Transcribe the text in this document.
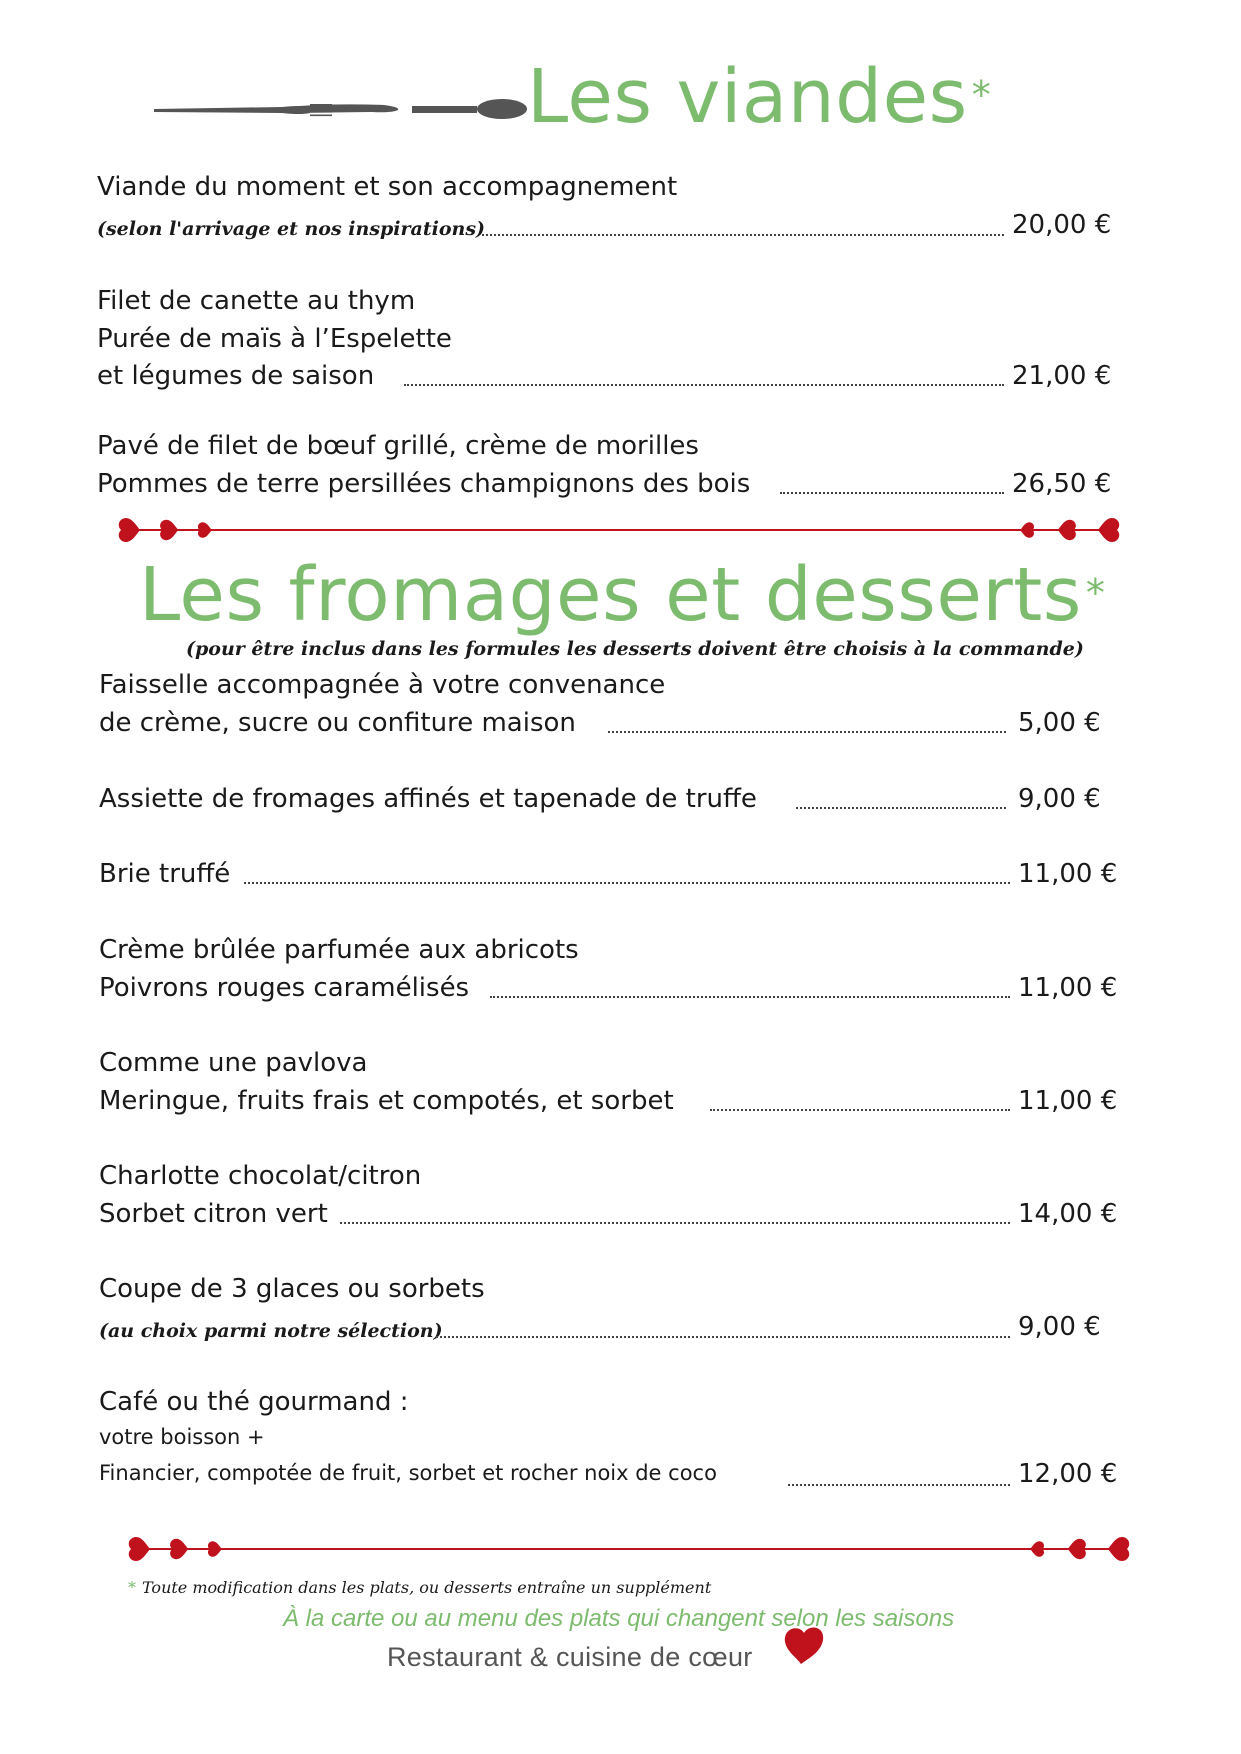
Les viandes *
Viande du moment et son accompagnement
(selon l'arrivage et nos inspirations)	20,00 €
Filet de canette au thym
Purée de maïs à l’Espelette
et légumes de saison	21,00 €
Pavé de filet de bœuf grillé, crème de morilles
Pommes de terre persillées champignons des bois	26,50 €
Les fromages et desserts *
(pour être inclus dans les formules les desserts doivent être choisis à la commande)
Faisselle accompagnée à votre convenance
de crème, sucre ou confiture maison	5,00 €
Assiette de fromages affinés et tapenade de truffe	9,00 €
Brie truffé	11,00 €
Crème brûlée parfumée aux abricots
Poivrons rouges caramélisés	11,00 €
Comme une pavlova
Meringue, fruits frais et compotés, et sorbet	11,00 €
Charlotte chocolat/citron
Sorbet citron vert	14,00 €
Coupe de 3 glaces ou sorbets
(au choix parmi notre sélection)	9,00 €
Café ou thé gourmand :
votre boisson +
Financier, compotée de fruit, sorbet et rocher noix de coco	12,00 €
* Toute modification dans les plats, ou desserts entraîne un supplément
À la carte ou au menu des plats qui changent selon les saisons
Restaurant & cuisine de cœur
